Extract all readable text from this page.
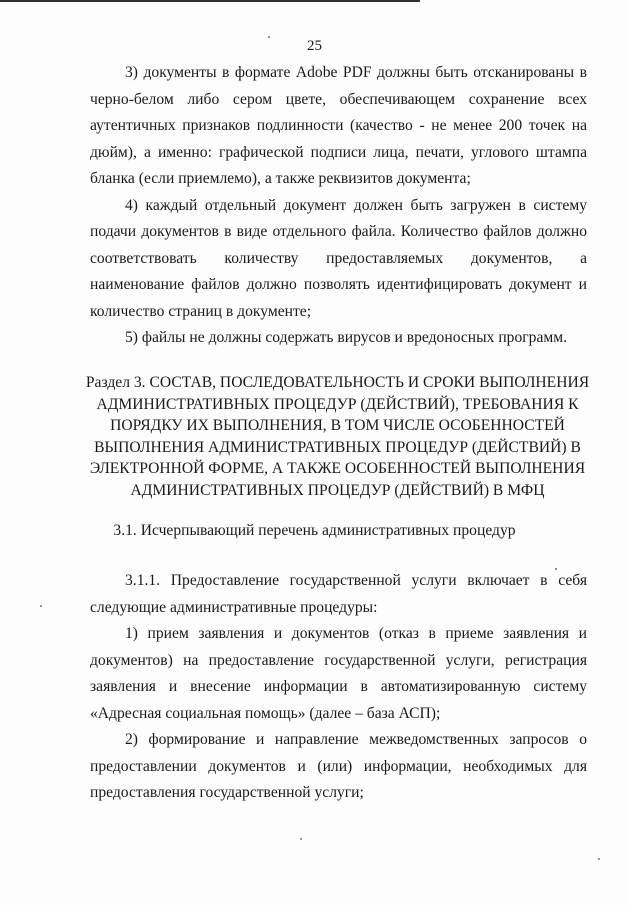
25

3) документы в формате Adobe PDF должны быть отсканированы в черно-белом либо сером цвете, обеспечивающем сохранение всех аутентичных признаков подлинности (качество - не менее 200 точек на дюйм), а именно: графической подписи лица, печати, углового штампа бланка (если приемлемо), а также реквизитов документа;

4) каждый отдельный документ должен быть загружен в систему подачи документов в виде отдельного файла. Количество файлов должно соответствовать количеству предоставляемых документов, а наименование файлов должно позволять идентифицировать документ и количество страниц в документе;

5) файлы не должны содержать вирусов и вредоносных программ.

Раздел 3. СОСТАВ, ПОСЛЕДОВАТЕЛЬНОСТЬ И СРОКИ ВЫПОЛНЕНИЯ АДМИНИСТРАТИВНЫХ ПРОЦЕДУР (ДЕЙСТВИЙ), ТРЕБОВАНИЯ К ПОРЯДКУ ИХ ВЫПОЛНЕНИЯ, В ТОМ ЧИСЛЕ ОСОБЕННОСТЕЙ ВЫПОЛНЕНИЯ АДМИНИСТРАТИВНЫХ ПРОЦЕДУР (ДЕЙСТВИЙ) В ЭЛЕКТРОННОЙ ФОРМЕ, А ТАКЖЕ ОСОБЕННОСТЕЙ ВЫПОЛНЕНИЯ АДМИНИСТРАТИВНЫХ ПРОЦЕДУР (ДЕЙСТВИЙ) В МФЦ
3.1. Исчерпывающий перечень административных процедур

3.1.1. Предоставление государственной услуги включает в себя следующие административные процедуры:

1) прием заявления и документов (отказ в приеме заявления и документов) на предоставление государственной услуги, регистрация заявления и внесение информации в автоматизированную систему «Адресная социальная помощь» (далее – база АСП);

2) формирование и направление межведомственных запросов о предоставлении документов и (или) информации, необходимых для предоставления государственной услуги;
